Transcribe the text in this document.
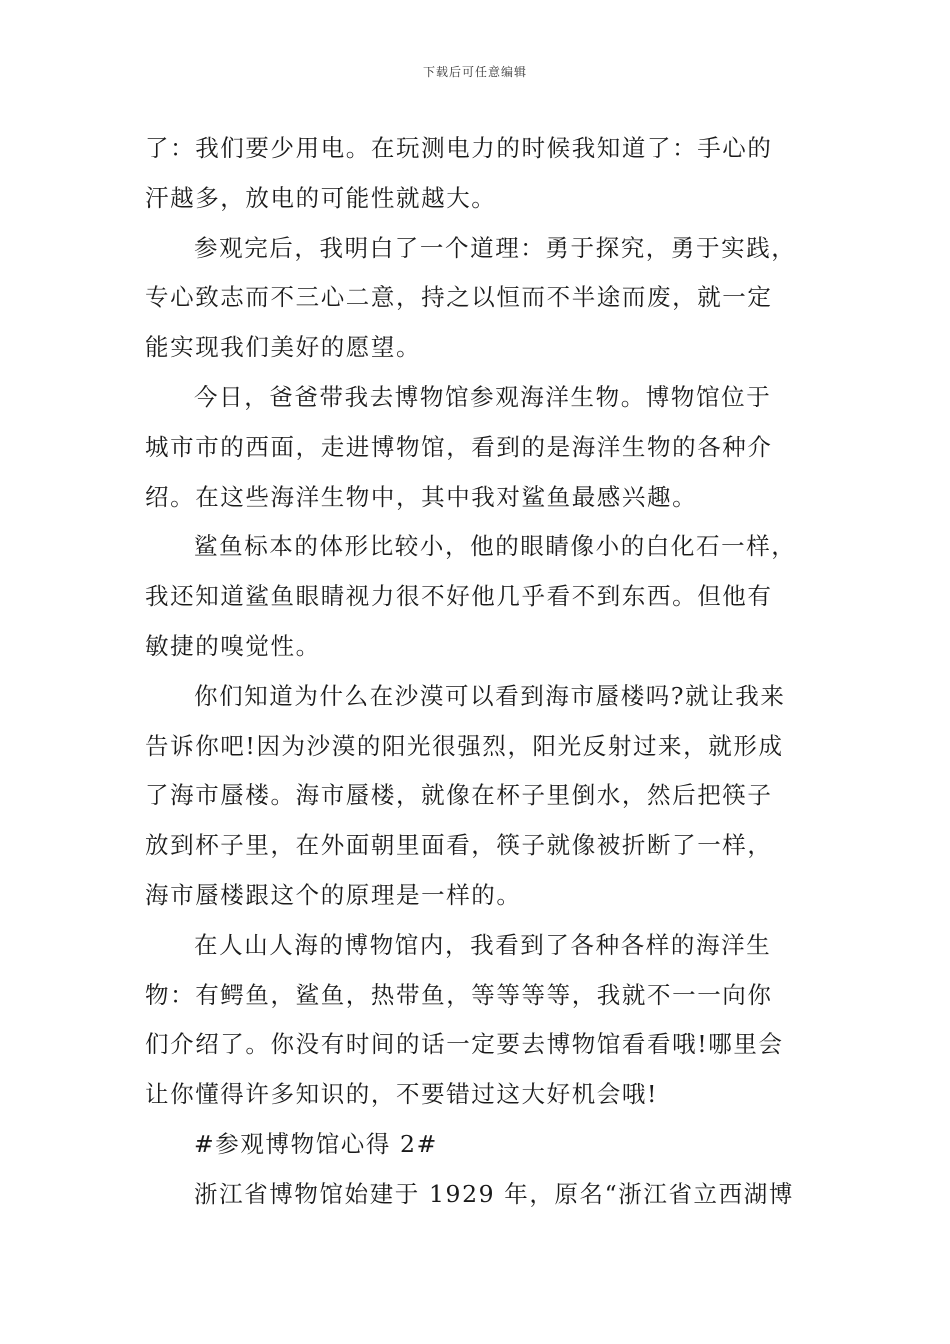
下载后可任意编辑
了：我们要少用电。在玩测电力的时候我知道了：手心的
汗越多，放电的可能性就越大。
参观完后，我明白了一个道理：勇于探究，勇于实践，
专心致志而不三心二意，持之以恒而不半途而废，就一定
能实现我们美好的愿望。
今日，爸爸带我去博物馆参观海洋生物。博物馆位于
城市市的西面，走进博物馆，看到的是海洋生物的各种介
绍。在这些海洋生物中，其中我对鲨鱼最感兴趣。
鲨鱼标本的体形比较小，他的眼睛像小的白化石一样，
我还知道鲨鱼眼睛视力很不好他几乎看不到东西。但他有
敏捷的嗅觉性。
你们知道为什么在沙漠可以看到海市蜃楼吗?就让我来
告诉你吧!因为沙漠的阳光很强烈，阳光反射过来，就形成
了海市蜃楼。海市蜃楼，就像在杯子里倒水，然后把筷子
放到杯子里，在外面朝里面看，筷子就像被折断了一样，
海市蜃楼跟这个的原理是一样的。
在人山人海的博物馆内，我看到了各种各样的海洋生
物：有鳄鱼，鲨鱼，热带鱼，等等等等，我就不一一向你
们介绍了。你没有时间的话一定要去博物馆看看哦!哪里会
让你懂得许多知识的，不要错过这大好机会哦!
#参观博物馆心得 2#
浙江省博物馆始建于 1929 年，原名“浙江省立西湖博
